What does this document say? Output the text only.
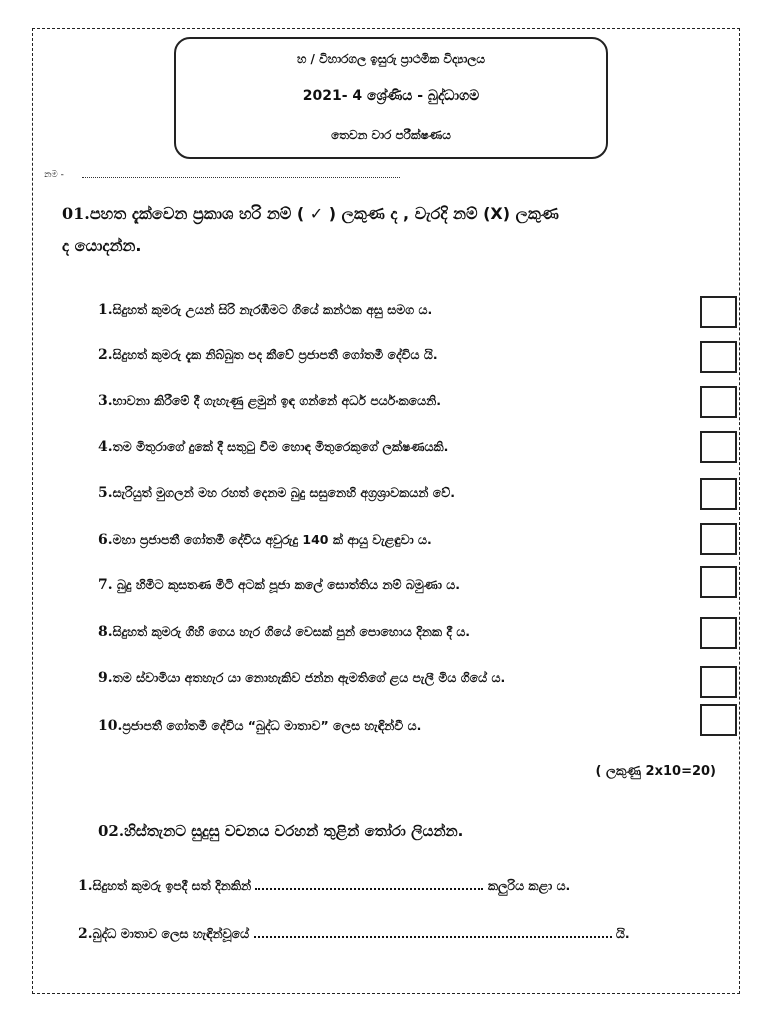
හ / විහාරගල ඉසුරු ප්‍රාථමික විද්‍යාලය
2021- 4 ශ්‍රේණිය - බුද්ධාගම
තෙවන වාර පරීක්ෂණය
නම -
01.පහත දැක්වෙන ප්‍රකාශ හරි නම් ( ✓ ) ලකුණ ද , වැරදි නම් (X) ලකුණ
ද යොදන්න.
1.සිදුහත් කුමරු උයන් සිරි නැරඹීමට ගියේ කන්ථක අසු සමග ය.
2.සිදුහත් කුමරු දැක නිබ්බුත පද කීවේ ප්‍රජාපතී ගෝතමී දේවිය යි.
3.භාවනා කිරීමේ දී ගැහැණු ළමුන් ඉඳ ගන්නේ අර්ධ පර්යංකයෙනි.
4.තම මිතුරාගේ දුකේ දී සතුටු වීම හොඳ මිතුරෙකුගේ ලක්ෂණයකි.
5.සැරියුත් මුගලන් මහ රහත් දෙනම බුදු සසුනෙහි අග්‍රශ්‍රාවකයන් වේ.
6.මහා ප්‍රජාපතී ගෝතමී දේවිය අවුරුදු 140 ක් ආයු වැළඳුවා ය.
7. බුදු හිමිට කුසතණ මිටි අටක් පූජා කලේ සොත්තිය නම් බමුණා ය.
8.සිදුහත් කුමරු ගිහි ගෙය හැර ගියේ වෙසක් පුන් පොහොය දිනක දී ය.
9.තම ස්වාමියා අතහැර යා නොහැකිව ජන්න ඇමතිගේ ළය පැලී මිය ගියේ ය.
10.ප්‍රජාපතී ගෝතමී දේවිය “බුද්ධ මාතාව” ලෙස හැඳින්වී ය.
( ලකුණු 2x10=20)
02.හිස්තැනට සුදුසු වචනය වරහන් තුළින් තෝරා ලියන්න.
1.සිදුහත් කුමරු ඉපදී සත් දිනකින්	කලුරිය කළා ය.
2.බුද්ධ මාතාව ලෙස හැඳින්වූයේ	යි.
